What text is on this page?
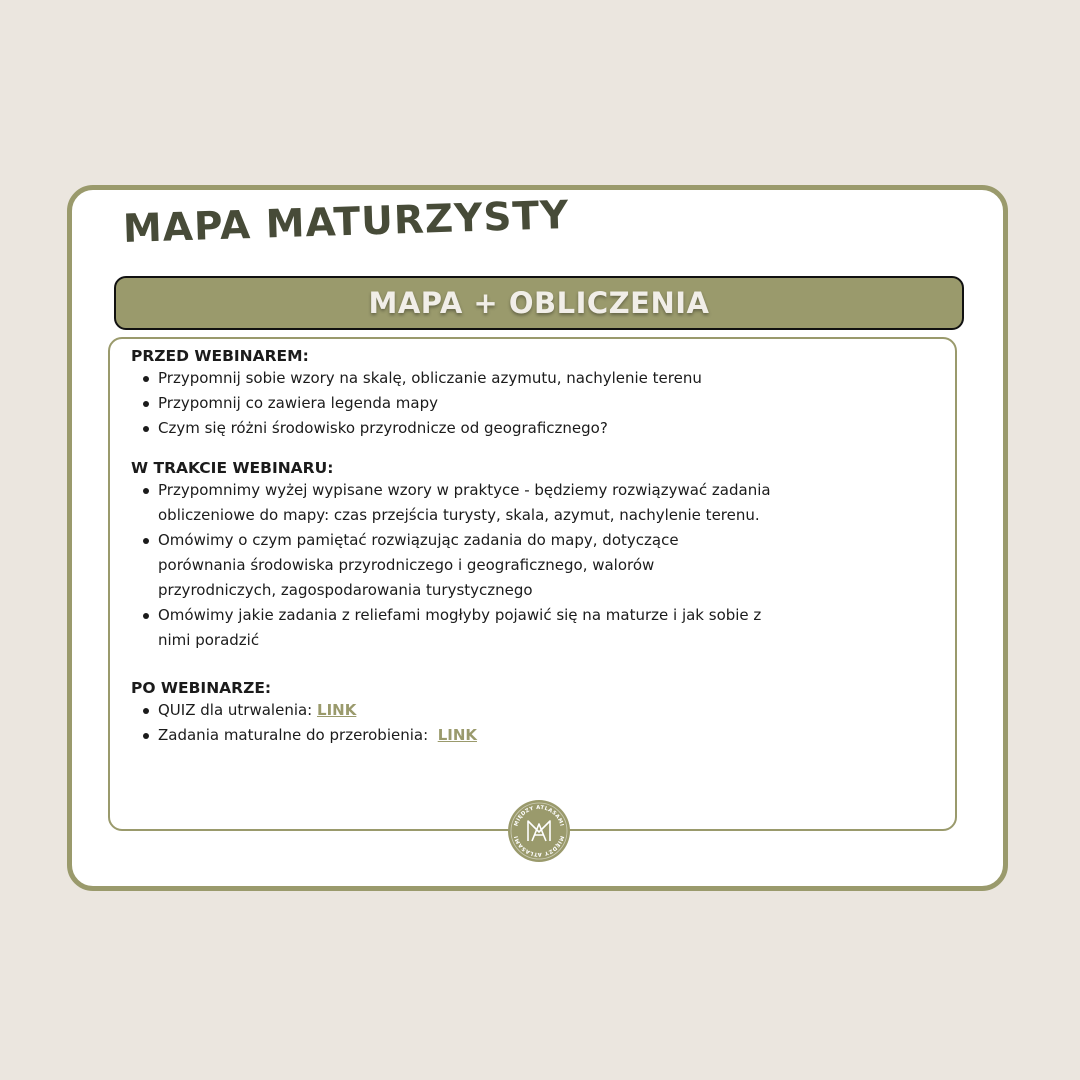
MAPA MATURZYSTY
MAPA + OBLICZENIA

PRZED WEBINAREM:

Przypomnij sobie wzory na skalę, obliczanie azymutu, nachylenie terenu
Przypomnij co zawiera legenda mapy
Czym się różni środowisko przyrodnicze od geograficznego?

W TRAKCIE WEBINARU:

Przypomnimy wyżej wypisane wzory w praktyce - będziemy rozwiązywać zadania
obliczeniowe do mapy: czas przejścia turysty, skala, azymut, nachylenie terenu.
Omówimy o czym pamiętać rozwiązując zadania do mapy, dotyczące
porównania środowiska przyrodniczego i geograficznego, walorów
przyrodniczych, zagospodarowania turystycznego
Omówimy jakie zadania z reliefami mogłyby pojawić się na maturze i jak sobie z
nimi poradzić

PO WEBINARZE:

QUIZ dla utrwalenia: LINK
Zadania maturalne do przerobienia:  LINK
MIĘDZY ATLASAMI
MIĘDZY ATLASAMI
